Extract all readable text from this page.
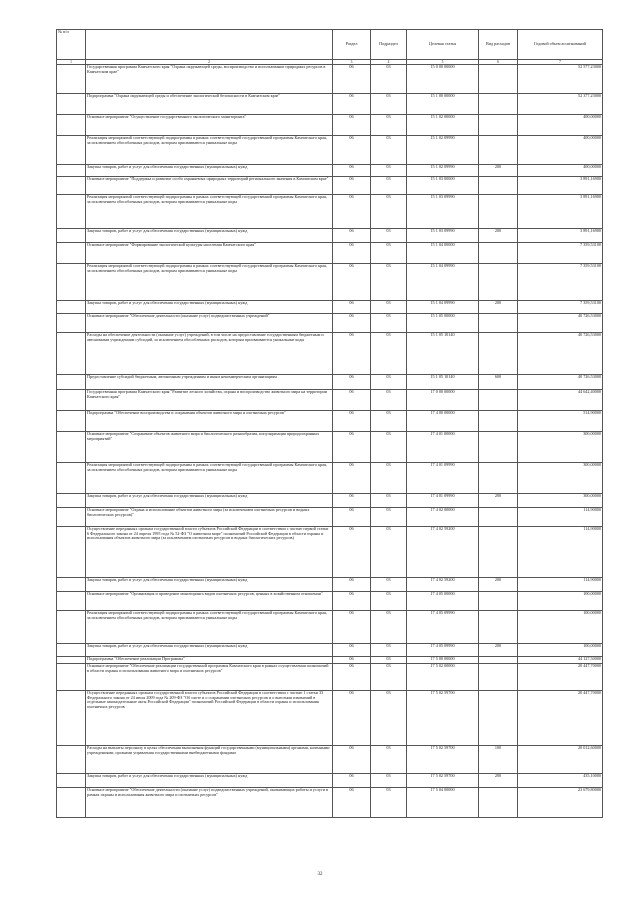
№ п/п		Раздел	Подраздел	Целевая статья	Вид расходов	Годовой объем ассигнований
1	2	3	4	5	6	7
	Государственная программа Камчатского края "Охрана окружающей среды, воспроизводство и использование природных ресурсов в Камчатском крае"	06	03	15 0 00 00000		52 577,23000
	Подпрограмма "Охрана окружающей среды и обеспечение экологической безопасности в Камчатском крае"	06	03	15 1 00 00000		52 377,23000
	Основное мероприятие "Осуществление государственного экологического мониторинга"	06	03	15 1 02 00000		400,00000
	Реализация мероприятий соответствующей подпрограммы в рамках соответствующей государственной программы Камчатского края, за исключением обособленных расходов, которым присваиваются уникальные коды	06	03	15 1 02 09990		400,00000
	Закупка товаров, работ и услуг для обеспечения государственных (муниципальных) нужд	06	03	15 1 02 09990	200	400,00000
	Основное мероприятие "Поддержка и развитие особо охраняемых природных территорий регионального значения в Камчатском крае"	06	03	15 1 03 00000		3 891,16900
	Реализация мероприятий соответствующей подпрограммы в рамках соответствующей государственной программы Камчатского края, за исключением обособленных расходов, которым присваиваются уникальные коды	06	03	15 1 03 09990		3 891,16900
	Закупка товаров, работ и услуг для обеспечения государственных (муниципальных) нужд	06	03	15 1 03 09990	200	3 891,16900
	Основное мероприятие "Формирование экологической культуры населения Камчатского края"	06	03	15 1 04 00000		7 359,53100
	Реализация мероприятий соответствующей подпрограммы в рамках соответствующей государственной программы Камчатского края, за исключением обособленных расходов, которым присваиваются уникальные коды	06	03	15 1 04 09990		7 359,53100
	Закупка товаров, работ и услуг для обеспечения государственных (муниципальных) нужд	06	03	15 1 04 09990	200	7 359,53100
	Основное мероприятие "Обеспечение деятельности (оказание услуг) подведомственных учреждений"	06	03	15 1 05 00000		40 726,53000
	Расходы на обеспечение деятельности (оказание услуг) учреждений, в том числе на предоставление государственным бюджетным и автономным учреждениям субсидий, за исключением обособленных расходов, которым присваиваются уникальные коды	06	03	15 1 05 10140		40 726,53000
	Предоставление субсидий бюджетным, автономным учреждениям и иным некоммерческим организациям	06	03	15 1 05 10140	600	40 726,53000
	Государственная программа Камчатского края "Развитие лесного хозяйства, охрана и воспроизводство животного мира на территории Камчатского края"	06	03	17 0 00 00000		44 642,40000
	Подпрограмма "Обеспечение воспроизводства и сохранения объектов животного мира и охотничьих ресурсов"	06	03	17 4 00 00000		514,90000
	Основное мероприятие "Сохранение объектов животного мира и биологического разнообразия, популяризация природоохранных мероприятий"	06	03	17 4 01 00000		300,00000
	Реализация мероприятий соответствующей подпрограммы в рамках соответствующей государственной программы Камчатского края, за исключением обособленных расходов, которым присваиваются уникальные коды	06	03	17 4 01 09990		300,00000
	Закупка товаров, работ и услуг для обеспечения государственных (муниципальных) нужд	06	03	17 4 01 09990	200	300,00000
	Основное мероприятие "Охрана и использование объектов животного мира (за исключением охотничьих ресурсов и водных биологических ресурсов)"	06	03	17 4 02 00000		114,90000
	Осуществление переданных органам государственной власти субъектов Российской Федерации в соответствии с частью первой статьи 6 Федерального закона от 24 апреля 1995 года № 52-ФЗ "О животном мире" полномочий Российской Федерации в области охраны и использования объектов животного мира (за исключением охотничьих ресурсов и водных биологических ресурсов)	06	03	17 4 02 59200		114,90000
	Закупка товаров, работ и услуг для обеспечения государственных (муниципальных) нужд	06	03	17 4 02 59200	200	114,90000
	Основное мероприятие "Организация и проведение мониторинга видов охотничьих ресурсов, ценных в хозяйственном отношении"	06	03	17 4 05 00000		100,00000
	Реализация мероприятий соответствующей подпрограммы в рамках соответствующей государственной программы Камчатского края, за исключением обособленных расходов, которым присваиваются уникальные коды	06	03	17 4 05 09990		100,00000
	Закупка товаров, работ и услуг для обеспечения государственных (муниципальных) нужд	06	03	17 4 05 09990	200	100,00000
	Подпрограмма "Обеспечение реализации Программы"	06	03	17 5 00 00000		44 127,50000
	Основное мероприятие "Обеспечение реализации государственной программы Камчатского края в рамках осуществления полномочий в области охраны и использования животного мира и охотничьих ресурсов"	06	03	17 5 02 00000		20 447,70000
	Осуществление переданных органам государственной власти субъектов Российской Федерации в соответствии с частью 1 статьи 33 Федерального закона от 24 июля 2009 года № 209-ФЗ "Об охоте и о сохранении охотничьих ресурсов и о внесении изменений в отдельные законодательные акты Российской Федерации" полномочий Российской Федерации в области охраны и использования охотничьих ресурсов	06	03	17 5 02 59700		20 447,70000
	Расходы на выплаты персоналу в целях обеспечения выполнения функций государственными (муниципальными) органами, казенными учреждениями, органами управления государственными внебюджетными фондами	06	03	17 5 02 59700	100	20 012,60000
	Закупка товаров, работ и услуг для обеспечения государственных (муниципальных) нужд	06	03	17 5 02 59700	200	435,10000
	Основное мероприятие "Обеспечение деятельности (оказание услуг) подведомственных учреждений, оказывающих работы и услуги в рамках охраны и использования животного мира и охотничьих ресурсов"	06	03	17 5 04 00000		23 679,80000
32
